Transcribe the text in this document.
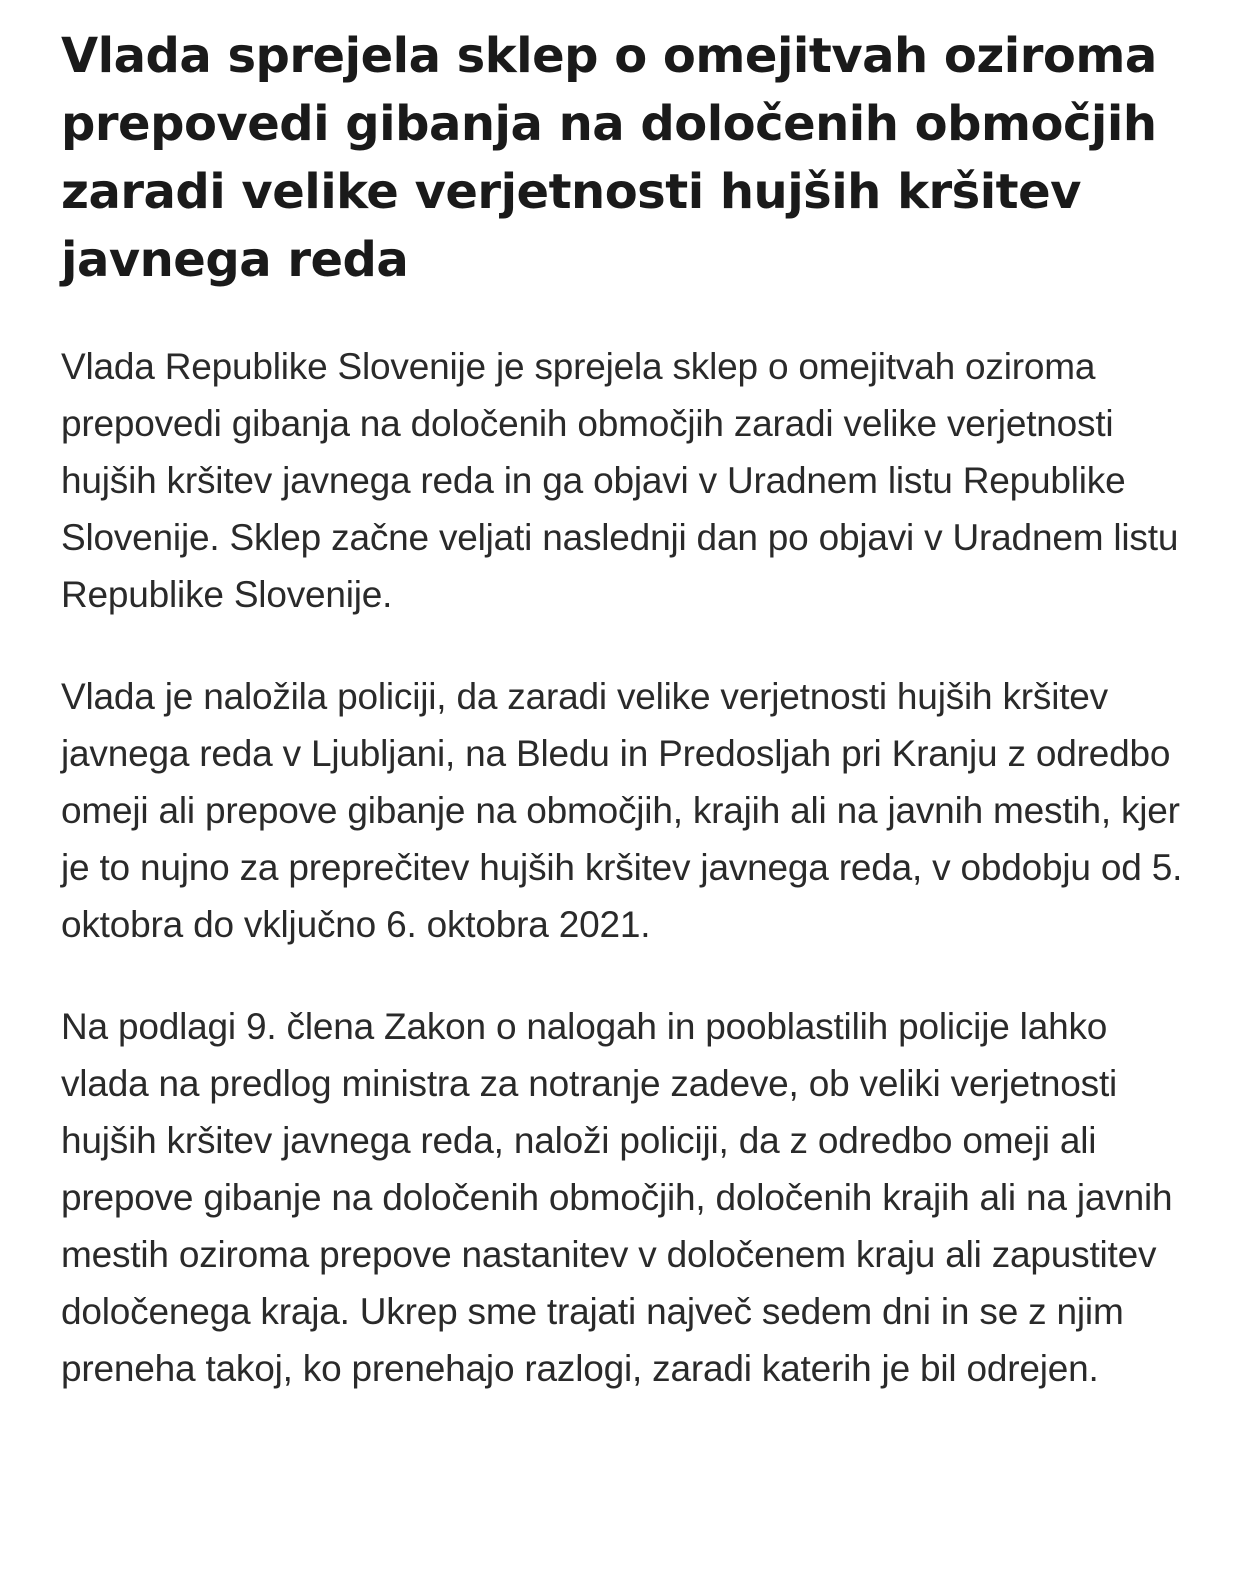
Vlada sprejela sklep o omejitvah oziroma prepovedi gibanja na določenih območjih zaradi velike verjetnosti hujših kršitev javnega reda

Vlada Republike Slovenije je sprejela sklep o omejitvah oziroma prepovedi gibanja na določenih območjih zaradi velike verjetnosti hujših kršitev javnega reda in ga objavi v Uradnem listu Republike Slovenije. Sklep začne veljati naslednji dan po objavi v Uradnem listu Republike Slovenije.

Vlada je naložila policiji, da zaradi velike verjetnosti hujših kršitev javnega reda v Ljubljani, na Bledu in Predosljah pri Kranju z odredbo omeji ali prepove gibanje na območjih, krajih ali na javnih mestih, kjer je to nujno za preprečitev hujših kršitev javnega reda, v obdobju od 5. oktobra do vključno 6. oktobra 2021.

Na podlagi 9. člena Zakon o nalogah in pooblastilih policije lahko vlada na predlog ministra za notranje zadeve, ob veliki verjetnosti hujših kršitev javnega reda, naloži policiji, da z odredbo omeji ali prepove gibanje na določenih območjih, določenih krajih ali na javnih mestih oziroma prepove nastanitev v določenem kraju ali zapustitev določenega kraja. Ukrep sme trajati največ sedem dni in se z njim preneha takoj, ko prenehajo razlogi, zaradi katerih je bil odrejen.
